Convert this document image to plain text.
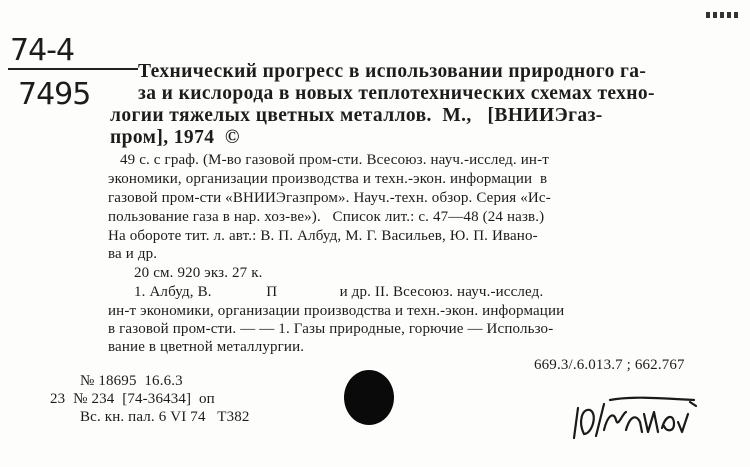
74-4
7495
Технический прогресс в использовании природного га-
за и кислорода в новых теплотехнических схемах техно-
логии тяжелых цветных металлов.  М.,   [ВНИИЭгаз-
пром], 1974  ©
49 с. с граф. (М-во газовой пром-сти. Всесоюз. науч.-исслед. ин-т
экономики, организации производства и техн.-экон. информации  в
газовой пром-сти «ВНИИЭгазпром». Науч.-техн. обзор. Серия «Ис-
пользование газа в нар. хоз-ве»).   Список лит.: с. 47—48 (24 назв.)
На обороте тит. л. авт.: В. П. Албуд, М. Г. Васильев, Ю. П. Ивано-
ва и др.
20 см. 920 экз. 27 к.
1. Албуд, В.              П                и др. II. Всесоюз. науч.-исслед.
ин-т экономики, организации производства и техн.-экон. информации
в газовой пром-сти. — — 1. Газы природные, горючие — Использо-
вание в цветной металлургии.
669.3/.6.013.7 ; 662.767
№ 18695  16.6.3
23  № 234  [74-36434]  оп
Вс. кн. пал. 6 VI 74   Т382
